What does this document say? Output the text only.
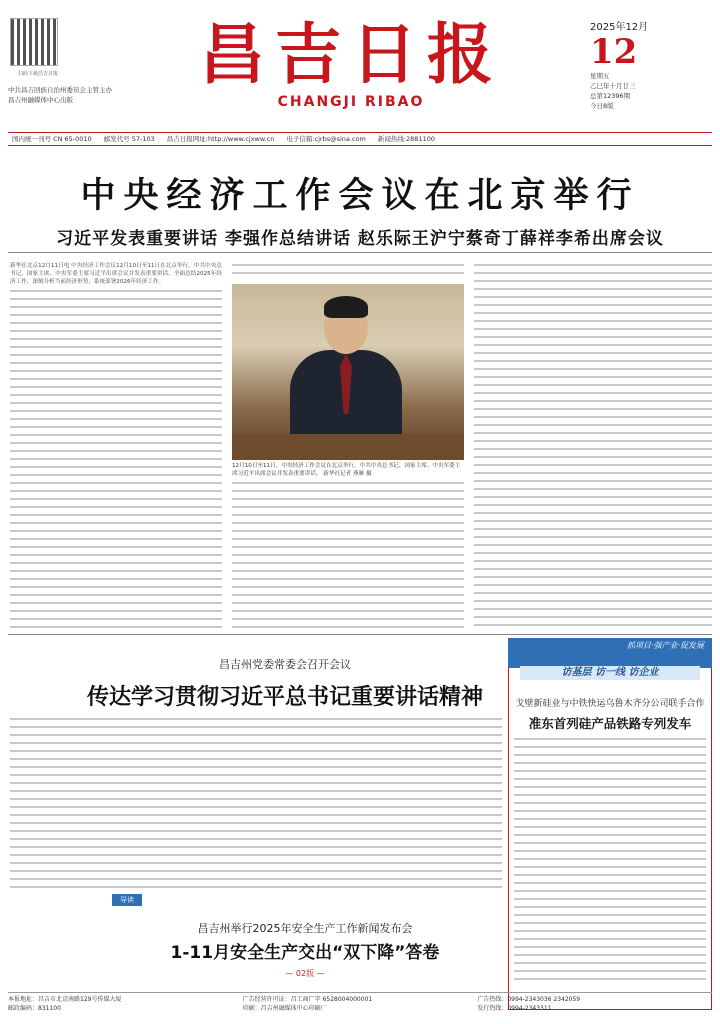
扫码下载昌吉日报
中共昌吉回族自治州委员会主管主办
昌吉州融媒体中心出版
昌吉日报
CHANGJI RIBAO
2025年12月
12
星期五
乙巳年十月廿三
总第12396期
今日8版
国内统一刊号 CN 65-0010 邮发代号 57-103 昌吉日报网址:http://www.cjxww.cn 电子信箱:cjrbs@sina.com 新闻热线:2881100
中央经济工作会议在北京举行
习近平发表重要讲话 李强作总结讲话 赵乐际王沪宁蔡奇丁薛祥李希出席会议
新华社北京12月11日电 中央经济工作会议12月10日至11日在北京举行。中共中央总书记、国家主席、中央军委主席习近平出席会议并发表重要讲话，全面总结2025年经济工作，深刻分析当前经济形势，系统部署2026年经济工作。
12月10日至11日，中央经济工作会议在北京举行。中共中央总书记、国家主席、中央军委主席习近平出席会议并发表重要讲话。 新华社记者 燕雁 摄
昌吉州党委常委会召开会议
传达学习贯彻习近平总书记重要讲话精神
导读
昌吉州举行2025年安全生产工作新闻发布会
1-11月安全生产交出“双下降”答卷
— 02版 —
抓项目·强产业·促发展
访基层 访一线 访企业
戈壁新硅业与中铁快运乌鲁木齐分公司联手合作
准东首列硅产品铁路专列发车
本报地址：昌吉市北京南路129号传媒大厦
邮政编码：831100
广告经营许可证：昌工商广字 6528004000001
印刷：昌吉州融媒体中心印刷厂
广告热线：0994-2343036 2342059
发行热线：0994-2343311
